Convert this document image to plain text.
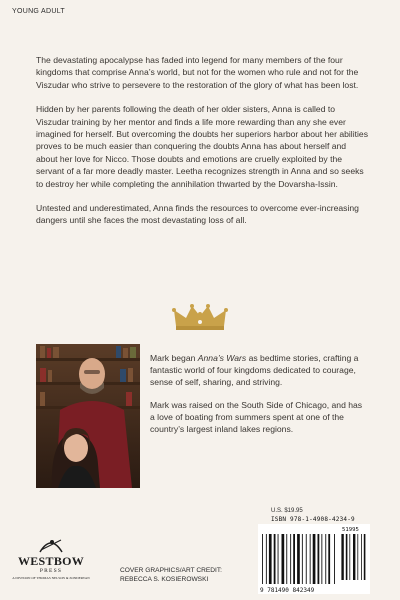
YOUNG ADULT

The devastating apocalypse has faded into legend for many members of the four kingdoms that comprise Anna’s world, but not for the women who rule and not for the Viszudar who strive to persevere to the restoration of the glory of what has been lost.

Hidden by her parents following the death of her older sisters, Anna is called to Viszudar training by her mentor and finds a life more rewarding than any she ever imagined for herself. But overcoming the doubts her superiors harbor about her abilities proves to be much easier than conquering the doubts Anna has about herself and about her love for Nicco. Those doubts and emotions are cruelly exploited by the servant of a far more deadly master. Leetha recognizes strength in Anna and so seeks to destroy her while completing the annihilation thwarted by the Dovarsha-Issin.

Untested and underestimated, Anna finds the resources to overcome ever-increasing dangers until she faces the most devastating loss of all.

Mark began Anna’s Wars as bedtime stories, crafting a fantastic world of four kingdoms dedicated to courage, sense of self, sharing, and striving.

Mark was raised on the South Side of Chicago, and has a love of boating from summers spent at one of the country’s largest inland lakes regions.

U.S. $19.95
ISBN 978-1-4908-4234-9
9 781490 842349
51995
WESTBOW
PRESS
A DIVISION OF THOMAS NELSON & ZONDERVAN
COVER GRAPHICS/ART CREDIT:
REBECCA S. KOSIEROWSKI
